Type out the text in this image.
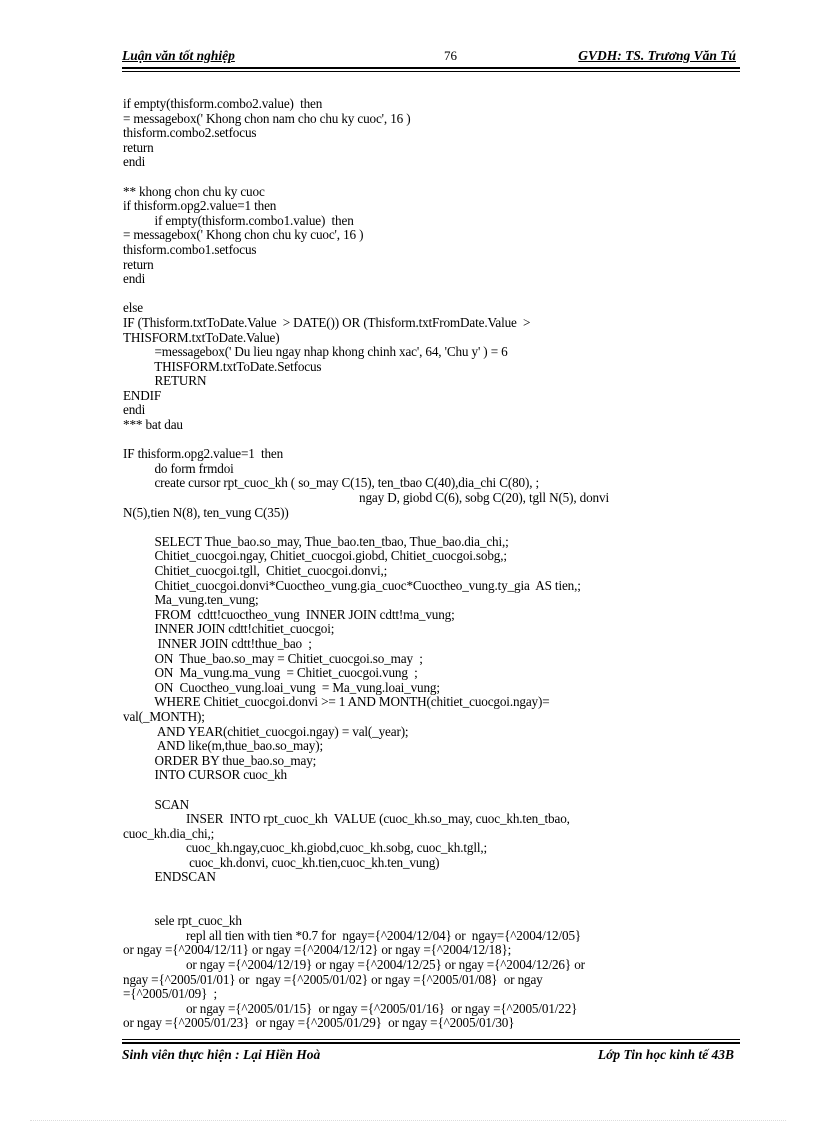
Luận văn tốt nghiệp	76	GVDH: TS. Trương Văn Tú
if empty(thisform.combo2.value)  then
= messagebox(' Khong chon nam cho chu ky cuoc', 16 )
thisform.combo2.setfocus
return
endi
** khong chon chu ky cuoc
if thisform.opg2.value=1 then
if empty(thisform.combo1.value)  then
= messagebox(' Khong chon chu ky cuoc', 16 )
thisform.combo1.setfocus
return
endi
else
IF (Thisform.txtToDate.Value  > DATE()) OR (Thisform.txtFromDate.Value  >
THISFORM.txtToDate.Value)
=messagebox(' Du lieu ngay nhap khong chinh xac', 64, 'Chu y' ) = 6
THISFORM.txtToDate.Setfocus
RETURN
ENDIF
endi
*** bat dau
IF thisform.opg2.value=1  then
do form frmdoi
create cursor rpt_cuoc_kh ( so_may C(15), ten_tbao C(40),dia_chi C(80), ;
ngay D, giobd C(6), sobg C(20), tgll N(5), donvi
N(5),tien N(8), ten_vung C(35))
SELECT Thue_bao.so_may, Thue_bao.ten_tbao, Thue_bao.dia_chi,;
Chitiet_cuocgoi.ngay, Chitiet_cuocgoi.giobd, Chitiet_cuocgoi.sobg,;
Chitiet_cuocgoi.tgll,  Chitiet_cuocgoi.donvi,;
Chitiet_cuocgoi.donvi*Cuoctheo_vung.gia_cuoc*Cuoctheo_vung.ty_gia  AS tien,;
Ma_vung.ten_vung;
FROM  cdtt!cuoctheo_vung  INNER JOIN cdtt!ma_vung;
INNER JOIN cdtt!chitiet_cuocgoi;
INNER JOIN cdtt!thue_bao  ;
ON  Thue_bao.so_may = Chitiet_cuocgoi.so_may  ;
ON  Ma_vung.ma_vung  = Chitiet_cuocgoi.vung  ;
ON  Cuoctheo_vung.loai_vung  = Ma_vung.loai_vung;
WHERE Chitiet_cuocgoi.donvi >= 1 AND MONTH(chitiet_cuocgoi.ngay)=
val(_MONTH);
AND YEAR(chitiet_cuocgoi.ngay) = val(_year);
AND like(m,thue_bao.so_may);
ORDER BY thue_bao.so_may;
INTO CURSOR cuoc_kh
SCAN
INSER  INTO rpt_cuoc_kh  VALUE (cuoc_kh.so_may, cuoc_kh.ten_tbao,
cuoc_kh.dia_chi,;
cuoc_kh.ngay,cuoc_kh.giobd,cuoc_kh.sobg, cuoc_kh.tgll,;
cuoc_kh.donvi, cuoc_kh.tien,cuoc_kh.ten_vung)
ENDSCAN
sele rpt_cuoc_kh
repl all tien with tien *0.7 for  ngay={^2004/12/04} or  ngay={^2004/12/05}
or ngay ={^2004/12/11} or ngay ={^2004/12/12} or ngay ={^2004/12/18};
or ngay ={^2004/12/19} or ngay ={^2004/12/25} or ngay ={^2004/12/26} or
ngay ={^2005/01/01} or  ngay ={^2005/01/02} or ngay ={^2005/01/08}  or ngay
={^2005/01/09}  ;
or ngay ={^2005/01/15}  or ngay ={^2005/01/16}  or ngay ={^2005/01/22}
or ngay ={^2005/01/23}  or ngay ={^2005/01/29}  or ngay ={^2005/01/30}
Sinh viên thực hiện : Lại Hiền Hoà	Lớp Tin học kinh tế 43B
